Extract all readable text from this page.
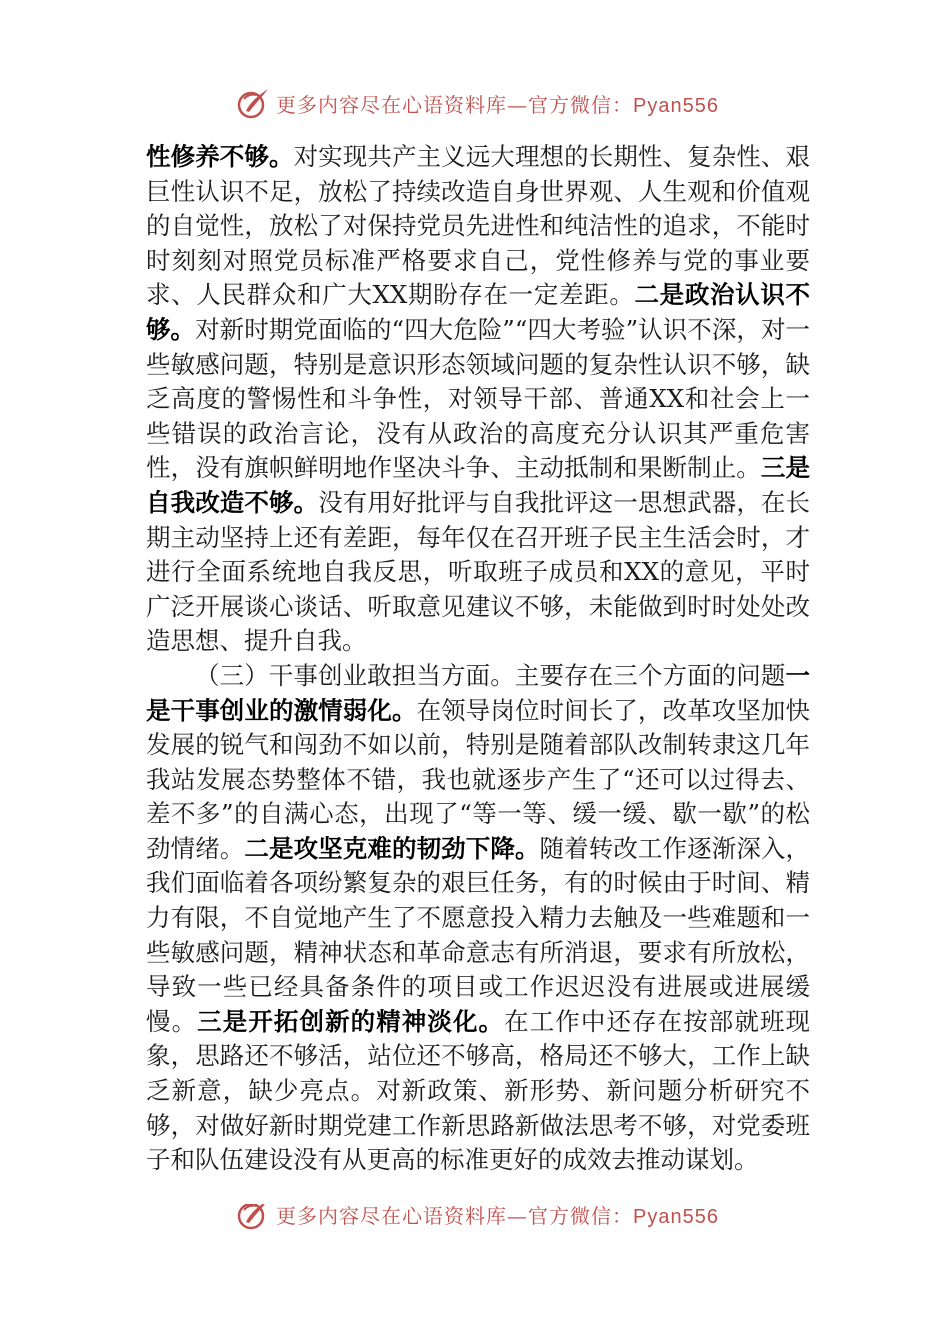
更多内容尽在心语资料库—官方微信：Pyan556

性修养不够。对实现共产主义远大理想的长期性、复杂性、艰巨性认识不足，放松了持续改造自身世界观、人生观和价值观的自觉性，放松了对保持党员先进性和纯洁性的追求，不能时时刻刻对照党员标准严格要求自己，党性修养与党的事业要求、人民群众和广大XX期盼存在一定差距。二是政治认识不够。对新时期党面临的“四大危险”“四大考验”认识不深，对一些敏感问题，特别是意识形态领域问题的复杂性认识不够，缺乏高度的警惕性和斗争性，对领导干部、普通XX和社会上一些错误的政治言论，没有从政治的高度充分认识其严重危害性，没有旗帜鲜明地作坚决斗争、主动抵制和果断制止。三是自我改造不够。没有用好批评与自我批评这一思想武器，在长期主动坚持上还有差距，每年仅在召开班子民主生活会时，才进行全面系统地自我反思，听取班子成员和XX的意见，平时广泛开展谈心谈话、听取意见建议不够，未能做到时时处处改造思想、提升自我。

（三）干事创业敢担当方面。主要存在三个方面的问题一是干事创业的激情弱化。在领导岗位时间长了，改革攻坚加快发展的锐气和闯劲不如以前，特别是随着部队改制转隶这几年我站发展态势整体不错，我也就逐步产生了“还可以过得去、差不多”的自满心态，出现了“等一等、缓一缓、歇一歇”的松劲情绪。二是攻坚克难的韧劲下降。随着转改工作逐渐深入，我们面临着各项纷繁复杂的艰巨任务，有的时候由于时间、精力有限，不自觉地产生了不愿意投入精力去触及一些难题和一些敏感问题，精神状态和革命意志有所消退，要求有所放松，导致一些已经具备条件的项目或工作迟迟没有进展或进展缓慢。三是开拓创新的精神淡化。在工作中还存在按部就班现象，思路还不够活，站位还不够高，格局还不够大，工作上缺乏新意，缺少亮点。对新政策、新形势、新问题分析研究不够，对做好新时期党建工作新思路新做法思考不够，对党委班子和队伍建设没有从更高的标准更好的成效去推动谋划。

更多内容尽在心语资料库—官方微信：Pyan556
